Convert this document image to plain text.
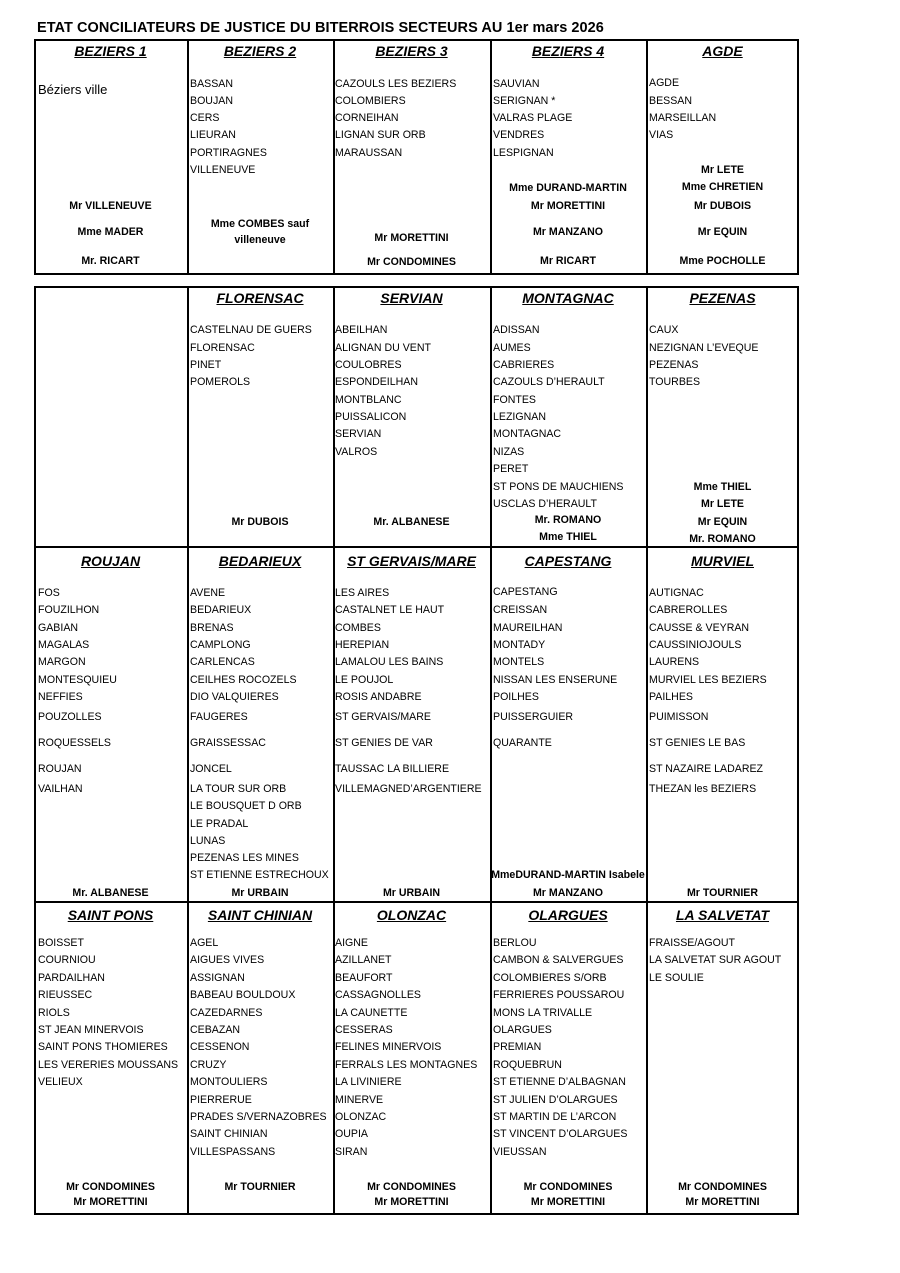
ETAT CONCILIATEURS DE JUSTICE DU BITERROIS SECTEURS AU 1er mars 2026
BEZIERS 1
Béziers ville
Mr VILLENEUVE
Mme MADER
Mr. RICART
BEZIERS 2
BASSAN
BOUJAN
CERS
LIEURAN
PORTIRAGNES
VILLENEUVE
Mme COMBES sauf
villeneuve
BEZIERS 3
CAZOULS LES BEZIERS
COLOMBIERS
CORNEIHAN
LIGNAN SUR ORB
MARAUSSAN
Mr MORETTINI
Mr CONDOMINES
BEZIERS 4
SAUVIAN
SERIGNAN *
VALRAS PLAGE
VENDRES
LESPIGNAN
Mme DURAND-MARTIN
Mr MORETTINI
Mr MANZANO
Mr RICART
AGDE
AGDE
BESSAN
MARSEILLAN
VIAS
Mr LETE
Mme CHRETIEN
Mr DUBOIS
Mr EQUIN
Mme POCHOLLE
FLORENSAC
CASTELNAU DE GUERS
FLORENSAC
PINET
POMEROLS
Mr DUBOIS
SERVIAN
ABEILHAN
ALIGNAN DU VENT
COULOBRES
ESPONDEILHAN
MONTBLANC
PUISSALICON
SERVIAN
VALROS
Mr. ALBANESE
MONTAGNAC
ADISSAN
AUMES
CABRIERES
CAZOULS D’HERAULT
FONTES
LEZIGNAN
MONTAGNAC
NIZAS
PERET
ST PONS DE MAUCHIENS
USCLAS D’HERAULT
Mr. ROMANO
Mme THIEL
PEZENAS
CAUX
NEZIGNAN L’EVEQUE
PEZENAS
TOURBES
Mme THIEL
Mr LETE
Mr EQUIN
Mr. ROMANO
ROUJAN
FOS
FOUZILHON
GABIAN
MAGALAS
MARGON
MONTESQUIEU
NEFFIES
POUZOLLES
ROQUESSELS
ROUJAN
VAILHAN
Mr. ALBANESE
BEDARIEUX
AVENE
BEDARIEUX
BRENAS
CAMPLONG
CARLENCAS
CEILHES ROCOZELS
DIO VALQUIERES
FAUGERES
GRAISSESSAC
JONCEL
LA TOUR SUR ORB
LE BOUSQUET D ORB
LE PRADAL
LUNAS
PEZENAS LES MINES
ST ETIENNE ESTRECHOUX
Mr URBAIN
ST GERVAIS/MARE
LES AIRES
CASTALNET LE HAUT
COMBES
HEREPIAN
LAMALOU LES BAINS
LE POUJOL
ROSIS ANDABRE
ST GERVAIS/MARE
ST GENIES DE VAR
TAUSSAC LA BILLIERE
VILLEMAGNED’ARGENTIERE
Mr URBAIN
CAPESTANG
CAPESTANG
CREISSAN
MAUREILHAN
MONTADY
MONTELS
NISSAN LES ENSERUNE
POILHES
PUISSERGUIER
QUARANTE
MmeDURAND-MARTIN Isabele
Mr MANZANO
MURVIEL
AUTIGNAC
CABREROLLES
CAUSSE & VEYRAN
CAUSSINIOJOULS
LAURENS
MURVIEL LES BEZIERS
PAILHES
PUIMISSON
ST GENIES LE BAS
ST NAZAIRE LADAREZ
THEZAN les BEZIERS
Mr TOURNIER
SAINT PONS
BOISSET
COURNIOU
PARDAILHAN
RIEUSSEC
RIOLS
ST JEAN MINERVOIS
SAINT PONS THOMIERES
LES VERERIES MOUSSANS
VELIEUX
Mr CONDOMINES
Mr MORETTINI
SAINT CHINIAN
AGEL
AIGUES VIVES
ASSIGNAN
BABEAU BOULDOUX
CAZEDARNES
CEBAZAN
CESSENON
CRUZY
MONTOULIERS
PIERRERUE
PRADES S/VERNAZOBRES
SAINT CHINIAN
VILLESPASSANS
Mr TOURNIER
OLONZAC
AIGNE
AZILLANET
BEAUFORT
CASSAGNOLLES
LA CAUNETTE
CESSERAS
FELINES MINERVOIS
FERRALS LES MONTAGNES
LA LIVINIERE
MINERVE
OLONZAC
OUPIA
SIRAN
Mr CONDOMINES
Mr MORETTINI
OLARGUES
BERLOU
CAMBON & SALVERGUES
COLOMBIERES S/ORB
FERRIERES POUSSAROU
MONS LA TRIVALLE
OLARGUES
PREMIAN
ROQUEBRUN
ST ETIENNE D’ALBAGNAN
ST JULIEN D’OLARGUES
ST MARTIN DE L’ARCON
ST VINCENT D’OLARGUES
VIEUSSAN
Mr CONDOMINES
Mr MORETTINI
LA SALVETAT
FRAISSE/AGOUT
LA SALVETAT SUR AGOUT
LE SOULIE
Mr CONDOMINES
Mr MORETTINI
